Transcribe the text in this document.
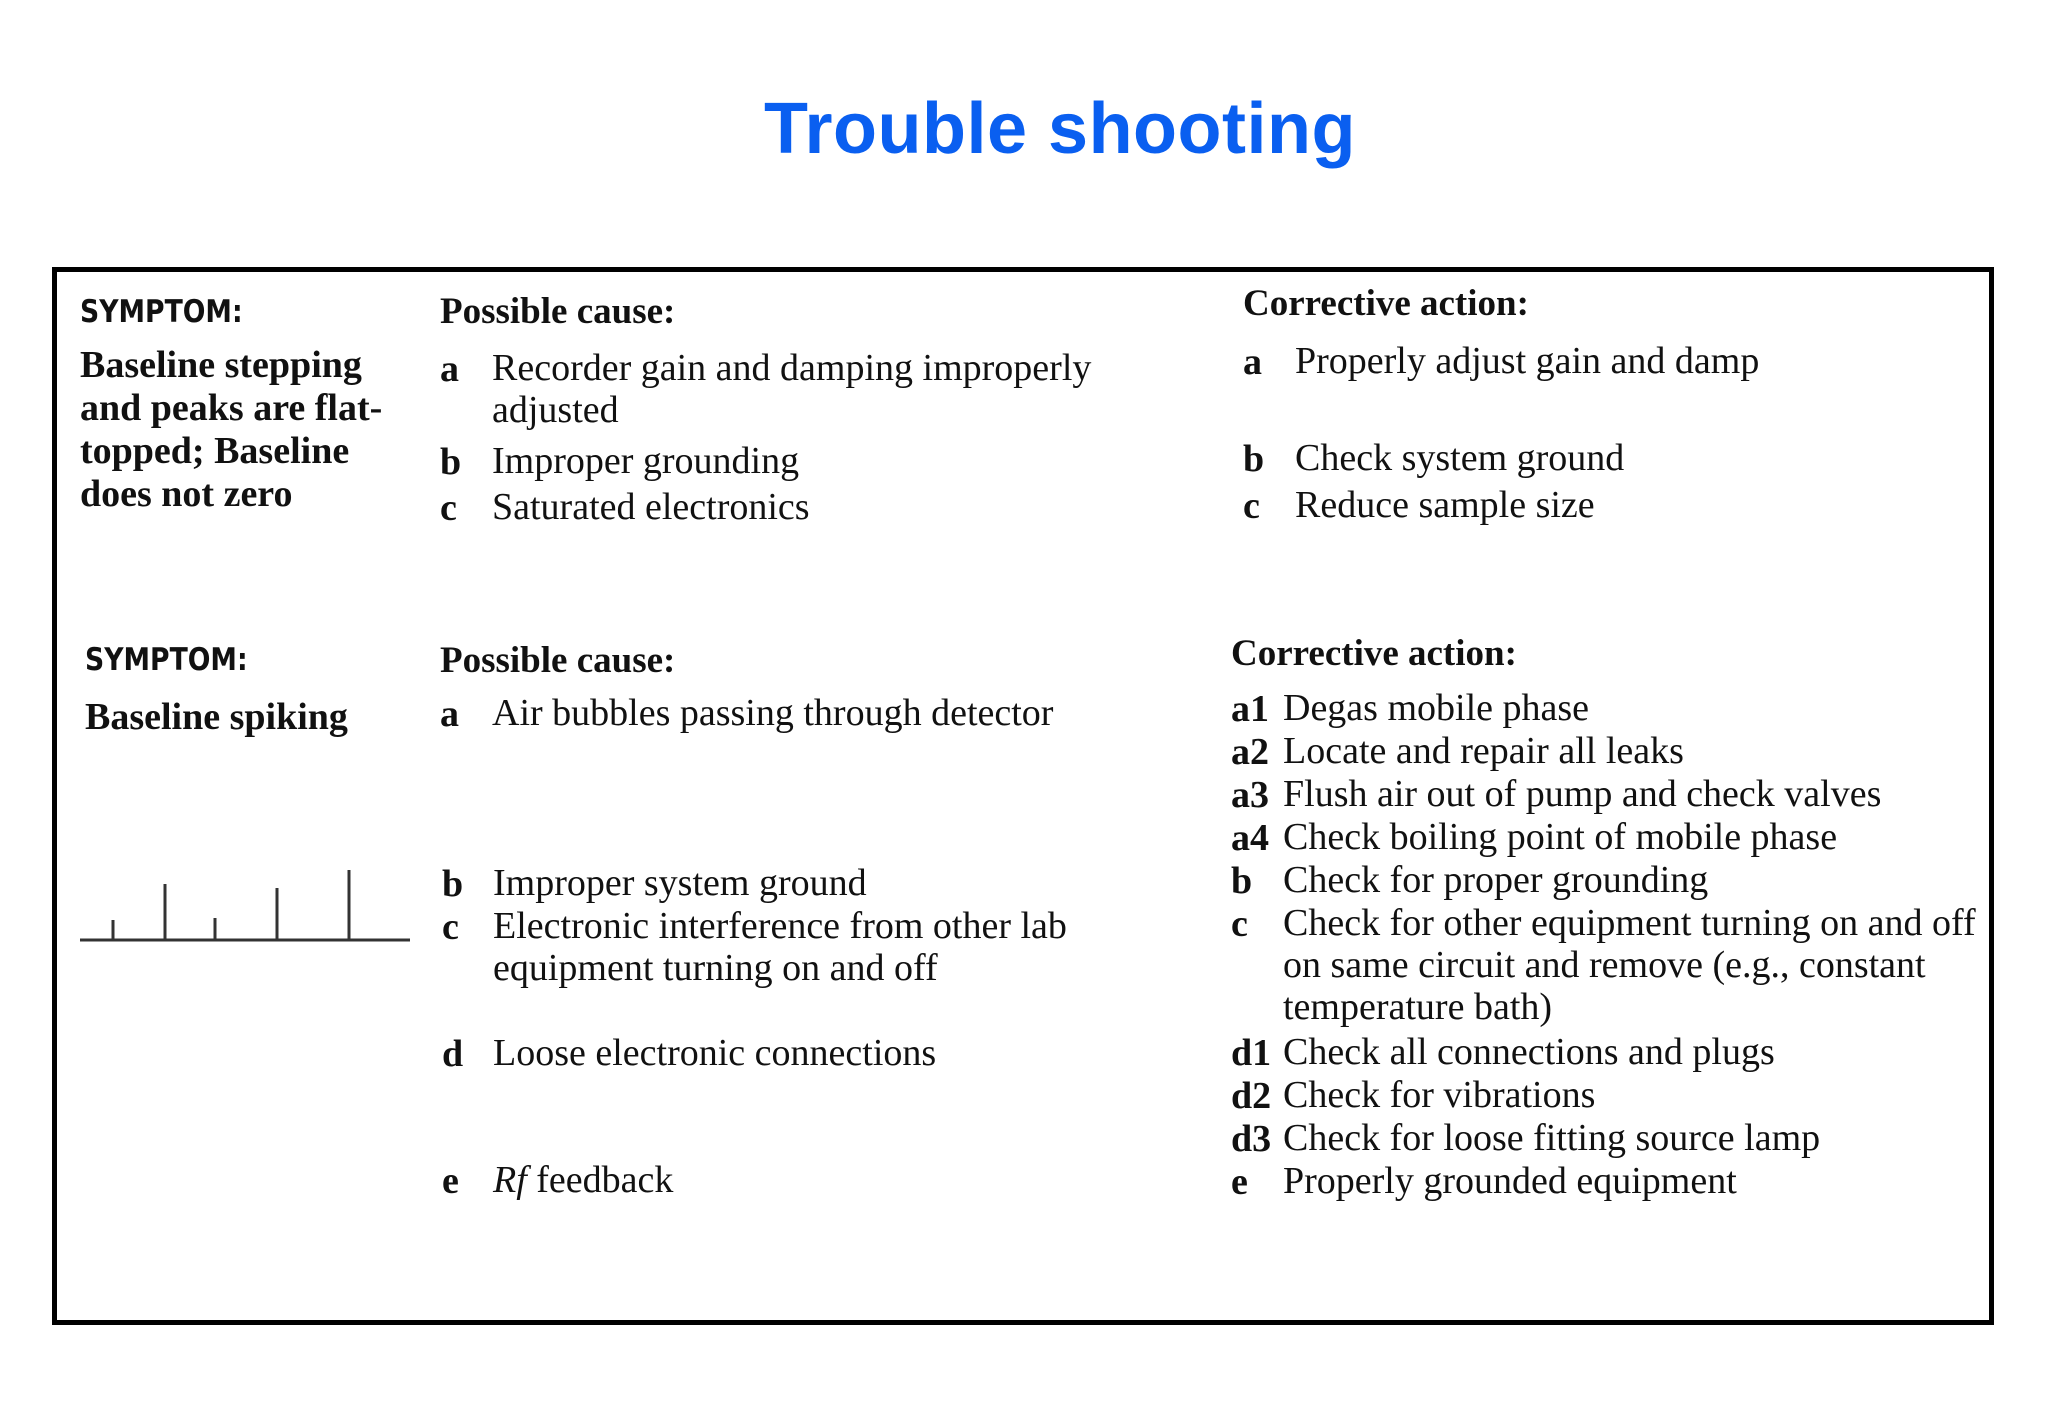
Trouble shooting
SYMPTOM:
Baseline stepping
and peaks are flat-
topped; Baseline
does not zero
Possible cause:
a Recorder gain and damping improperly
adjusted
b Improper grounding
c Saturated electronics
Corrective action:
a Properly adjust gain and damp
b Check system ground
c Reduce sample size
SYMPTOM:
Baseline spiking
Possible cause:
a Air bubbles passing through detector
b Improper system ground
c Electronic interference from other lab
equipment turning on and off
d Loose electronic connections
e Rf feedback
Corrective action:
a1 Degas mobile phase
a2 Locate and repair all leaks
a3 Flush air out of pump and check valves
a4 Check boiling point of mobile phase
b Check for proper grounding
c Check for other equipment turning on and off
on same circuit and remove (e.g., constant
temperature bath)
d1 Check all connections and plugs
d2 Check for vibrations
d3 Check for loose fitting source lamp
e Properly grounded equipment
